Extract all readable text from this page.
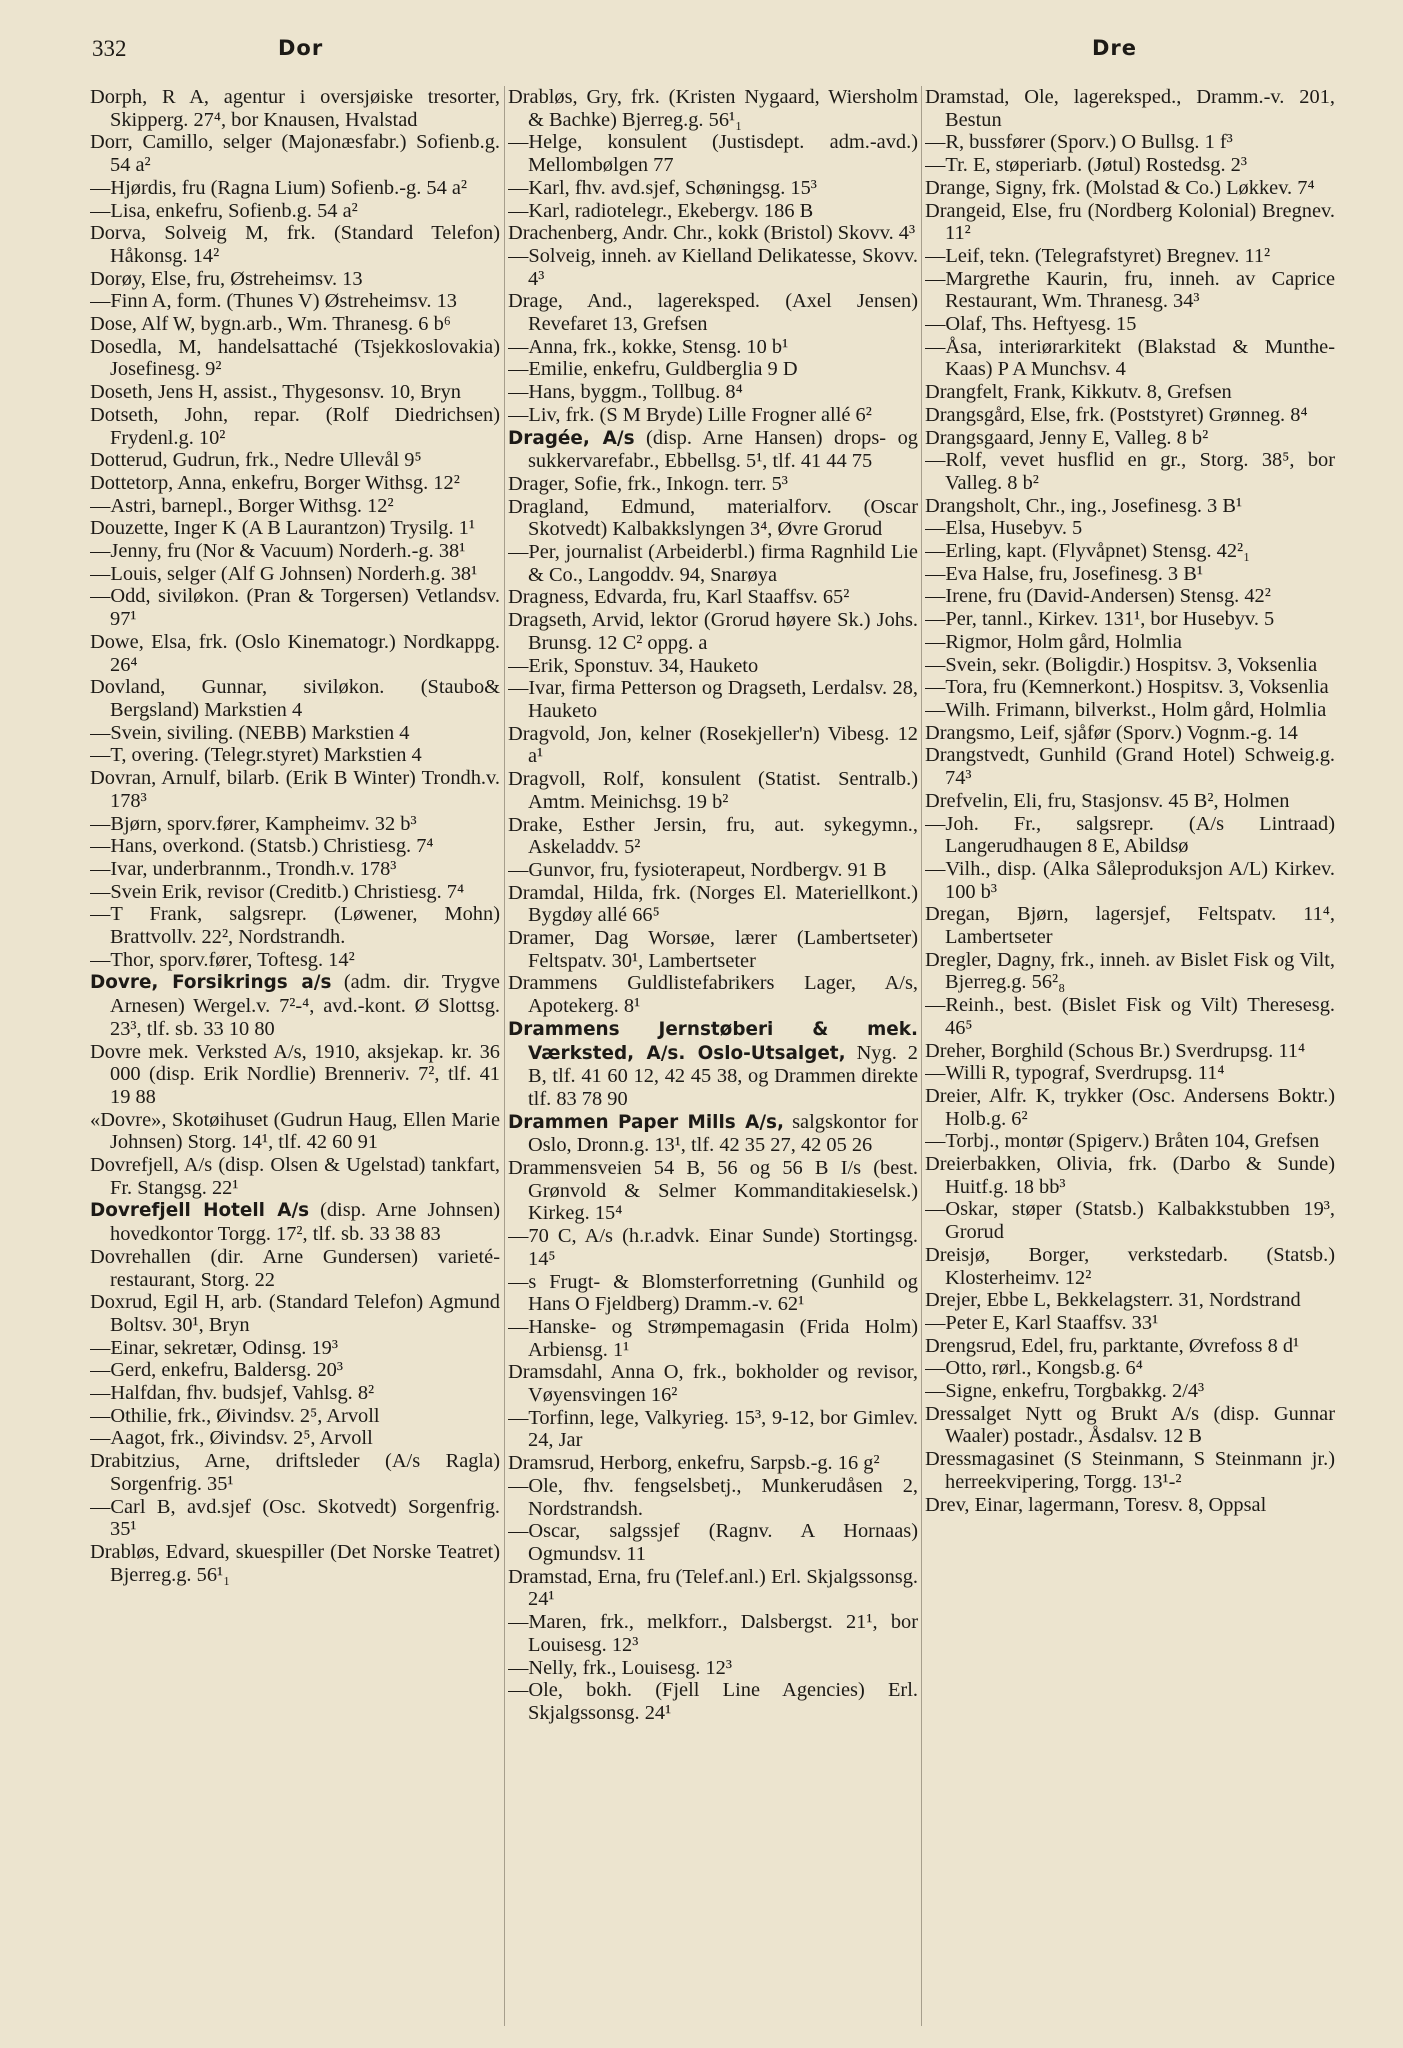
332	Dor	Dre

Dorph, R A, agentur i oversjøiske tresorter, Skipperg. 27⁴, bor Knausen, Hvalstad

Dorr, Camillo, selger (Majonæsfabr.) Sofienb.g. 54 a²

—Hjørdis, fru (Ragna Lium) Sofienb.-g. 54 a²

—Lisa, enkefru, Sofienb.g. 54 a²

Dorva, Solveig M, frk. (Standard Telefon) Håkonsg. 14²

Dorøy, Else, fru, Østreheimsv. 13

—Finn A, form. (Thunes V) Østreheimsv. 13

Dose, Alf W, bygn.arb., Wm. Thranesg. 6 b⁶

Dosedla, M, handelsattaché (Tsjekkoslovakia) Josefinesg. 9²

Doseth, Jens H, assist., Thygesonsv. 10, Bryn

Dotseth, John, repar. (Rolf Diedrichsen) Frydenl.g. 10²

Dotterud, Gudrun, frk., Nedre Ullevål 9⁵

Dottetorp, Anna, enkefru, Borger Withsg. 12²

—Astri, barnepl., Borger Withsg. 12²

Douzette, Inger K (A B Laurantzon) Trysilg. 1¹

—Jenny, fru (Nor & Vacuum) Norderh.-g. 38¹

—Louis, selger (Alf G Johnsen) Norderh.g. 38¹

—Odd, siviløkon. (Pran & Torgersen) Vetlandsv. 97¹

Dowe, Elsa, frk. (Oslo Kinematogr.) Nordkappg. 26⁴

Dovland, Gunnar, siviløkon. (Staubo& Bergsland) Markstien 4

—Svein, siviling. (NEBB) Markstien 4

—T, overing. (Telegr.styret) Markstien 4

Dovran, Arnulf, bilarb. (Erik B Winter) Trondh.v. 178³

—Bjørn, sporv.fører, Kampheimv. 32 b³

—Hans, overkond. (Statsb.) Christiesg. 7⁴

—Ivar, underbrannm., Trondh.v. 178³

—Svein Erik, revisor (Creditb.) Christiesg. 7⁴

—T Frank, salgsrepr. (Løwener, Mohn) Brattvollv. 22², Nordstrandh.

—Thor, sporv.fører, Toftesg. 14²

Dovre, Forsikrings a/s (adm. dir. Trygve Arnesen) Wergel.v. 7²-⁴, avd.-kont. Ø Slottsg. 23³, tlf. sb. 33 10 80

Dovre mek. Verksted A/s, 1910, aksjekap. kr. 36 000 (disp. Erik Nordlie) Brenneriv. 7², tlf. 41 19 88

«Dovre», Skotøihuset (Gudrun Haug, Ellen Marie Johnsen) Storg. 14¹, tlf. 42 60 91

Dovrefjell, A/s (disp. Olsen & Ugelstad) tankfart, Fr. Stangsg. 22¹

Dovrefjell Hotell A/s (disp. Arne Johnsen) hovedkontor Torgg. 17², tlf. sb. 33 38 83

Dovrehallen (dir. Arne Gundersen) varieté-restaurant, Storg. 22

Doxrud, Egil H, arb. (Standard Telefon) Agmund Boltsv. 30¹, Bryn

—Einar, sekretær, Odinsg. 19³

—Gerd, enkefru, Baldersg. 20³

—Halfdan, fhv. budsjef, Vahlsg. 8²

—Othilie, frk., Øivindsv. 2⁵, Arvoll

—Aagot, frk., Øivindsv. 2⁵, Arvoll

Drabitzius, Arne, driftsleder (A/s Ragla) Sorgenfrig. 35¹

—Carl B, avd.sjef (Osc. Skotvedt) Sorgenfrig. 35¹

Drabløs, Edvard, skuespiller (Det Norske Teatret) Bjerreg.g. 56¹₁

Drabløs, Gry, frk. (Kristen Nygaard, Wiersholm & Bachke) Bjerreg.g. 56¹₁

—Helge, konsulent (Justisdept. adm.-avd.) Mellombølgen 77

—Karl, fhv. avd.sjef, Schøningsg. 15³

—Karl, radiotelegr., Ekebergv. 186 B

Drachenberg, Andr. Chr., kokk (Bristol) Skovv. 4³

—Solveig, inneh. av Kielland Delikatesse, Skovv. 4³

Drage, And., lagereksped. (Axel Jensen) Revefaret 13, Grefsen

—Anna, frk., kokke, Stensg. 10 b¹

—Emilie, enkefru, Guldberglia 9 D

—Hans, byggm., Tollbug. 8⁴

—Liv, frk. (S M Bryde) Lille Frogner allé 6²

Dragée, A/s (disp. Arne Hansen) drops- og sukkervarefabr., Ebbellsg. 5¹, tlf. 41 44 75

Drager, Sofie, frk., Inkogn. terr. 5³

Dragland, Edmund, materialforv. (Oscar Skotvedt) Kalbakkslyngen 3⁴, Øvre Grorud

—Per, journalist (Arbeiderbl.) firma Ragnhild Lie & Co., Langoddv. 94, Snarøya

Dragness, Edvarda, fru, Karl Staaffsv. 65²

Dragseth, Arvid, lektor (Grorud høyere Sk.) Johs. Brunsg. 12 C² oppg. a

—Erik, Sponstuv. 34, Hauketo

—Ivar, firma Petterson og Dragseth, Lerdalsv. 28, Hauketo

Dragvold, Jon, kelner (Rosekjeller'n) Vibesg. 12 a¹

Dragvoll, Rolf, konsulent (Statist. Sentralb.) Amtm. Meinichsg. 19 b²

Drake, Esther Jersin, fru, aut. sykegymn., Askeladdv. 5²

—Gunvor, fru, fysioterapeut, Nordbergv. 91 B

Dramdal, Hilda, frk. (Norges El. Materiellkont.) Bygdøy allé 66⁵

Dramer, Dag Worsøe, lærer (Lambertseter) Feltspatv. 30¹, Lambertseter

Drammens Guldlistefabrikers Lager, A/s, Apotekerg. 8¹

Drammens Jernstøberi & mek. Værksted, A/s. Oslo-Utsalget, Nyg. 2 B, tlf. 41 60 12, 42 45 38, og Drammen direkte tlf. 83 78 90

Drammen Paper Mills A/s, salgskontor for Oslo, Dronn.g. 13¹, tlf. 42 35 27, 42 05 26

Drammensveien 54 B, 56 og 56 B I/s (best. Grønvold & Selmer Kommanditakieselsk.) Kirkeg. 15⁴

—70 C, A/s (h.r.advk. Einar Sunde) Stortingsg. 14⁵

—s Frugt- & Blomsterforretning (Gunhild og Hans O Fjeldberg) Dramm.-v. 62¹

—Hanske- og Strømpemagasin (Frida Holm) Arbiensg. 1¹

Dramsdahl, Anna O, frk., bokholder og revisor, Vøyensvingen 16²

—Torfinn, lege, Valkyrieg. 15³, 9-12, bor Gimlev. 24, Jar

Dramsrud, Herborg, enkefru, Sarpsb.-g. 16 g²

—Ole, fhv. fengselsbetj., Munkerudåsen 2, Nordstrandsh.

—Oscar, salgssjef (Ragnv. A Hornaas) Ogmundsv. 11

Dramstad, Erna, fru (Telef.anl.) Erl. Skjalgssonsg. 24¹

—Maren, frk., melkforr., Dalsbergst. 21¹, bor Louisesg. 12³

—Nelly, frk., Louisesg. 12³

—Ole, bokh. (Fjell Line Agencies) Erl. Skjalgssonsg. 24¹

Dramstad, Ole, lagereksped., Dramm.-v. 201, Bestun

—R, bussfører (Sporv.) O Bullsg. 1 f³

—Tr. E, støperiarb. (Jøtul) Rostedsg. 2³

Drange, Signy, frk. (Molstad & Co.) Løkkev. 7⁴

Drangeid, Else, fru (Nordberg Kolonial) Bregnev. 11²

—Leif, tekn. (Telegrafstyret) Bregnev. 11²

—Margrethe Kaurin, fru, inneh. av Caprice Restaurant, Wm. Thranesg. 34³

—Olaf, Ths. Heftyesg. 15

—Åsa, interiørarkitekt (Blakstad & Munthe-Kaas) P A Munchsv. 4

Drangfelt, Frank, Kikkutv. 8, Grefsen

Drangsgård, Else, frk. (Poststyret) Grønneg. 8⁴

Drangsgaard, Jenny E, Valleg. 8 b²

—Rolf, vevet husflid en gr., Storg. 38⁵, bor Valleg. 8 b²

Drangsholt, Chr., ing., Josefinesg. 3 B¹

—Elsa, Husebyv. 5

—Erling, kapt. (Flyvåpnet) Stensg. 42²₁

—Eva Halse, fru, Josefinesg. 3 B¹

—Irene, fru (David-Andersen) Stensg. 42²

—Per, tannl., Kirkev. 131¹, bor Husebyv. 5

—Rigmor, Holm gård, Holmlia

—Svein, sekr. (Boligdir.) Hospitsv. 3, Voksenlia

—Tora, fru (Kemnerkont.) Hospitsv. 3, Voksenlia

—Wilh. Frimann, bilverkst., Holm gård, Holmlia

Drangsmo, Leif, sjåfør (Sporv.) Vognm.-g. 14

Drangstvedt, Gunhild (Grand Hotel) Schweig.g. 74³

Drefvelin, Eli, fru, Stasjonsv. 45 B², Holmen

—Joh. Fr., salgsrepr. (A/s Lintraad) Langerudhaugen 8 E, Abildsø

—Vilh., disp. (Alka Såleproduksjon A/L) Kirkev. 100 b³

Dregan, Bjørn, lagersjef, Feltspatv. 11⁴, Lambertseter

Dregler, Dagny, frk., inneh. av Bislet Fisk og Vilt, Bjerreg.g. 56²₈

—Reinh., best. (Bislet Fisk og Vilt) Theresesg. 46⁵

Dreher, Borghild (Schous Br.) Sverdrupsg. 11⁴

—Willi R, typograf, Sverdrupsg. 11⁴

Dreier, Alfr. K, trykker (Osc. Andersens Boktr.) Holb.g. 6²

—Torbj., montør (Spigerv.) Bråten 104, Grefsen

Dreierbakken, Olivia, frk. (Darbo & Sunde) Huitf.g. 18 bb³

—Oskar, støper (Statsb.) Kalbakkstubben 19³, Grorud

Dreisjø, Borger, verkstedarb. (Statsb.) Klosterheimv. 12²

Drejer, Ebbe L, Bekkelagsterr. 31, Nordstrand

—Peter E, Karl Staaffsv. 33¹

Drengsrud, Edel, fru, parktante, Øvrefoss 8 d¹

—Otto, rørl., Kongsb.g. 6⁴

—Signe, enkefru, Torgbakkg. 2/4³

Dressalget Nytt og Brukt A/s (disp. Gunnar Waaler) postadr., Åsdalsv. 12 B

Dressmagasinet (S Steinmann, S Steinmann jr.) herreekvipering, Torgg. 13¹-²

Drev, Einar, lagermann, Toresv. 8, Oppsal
